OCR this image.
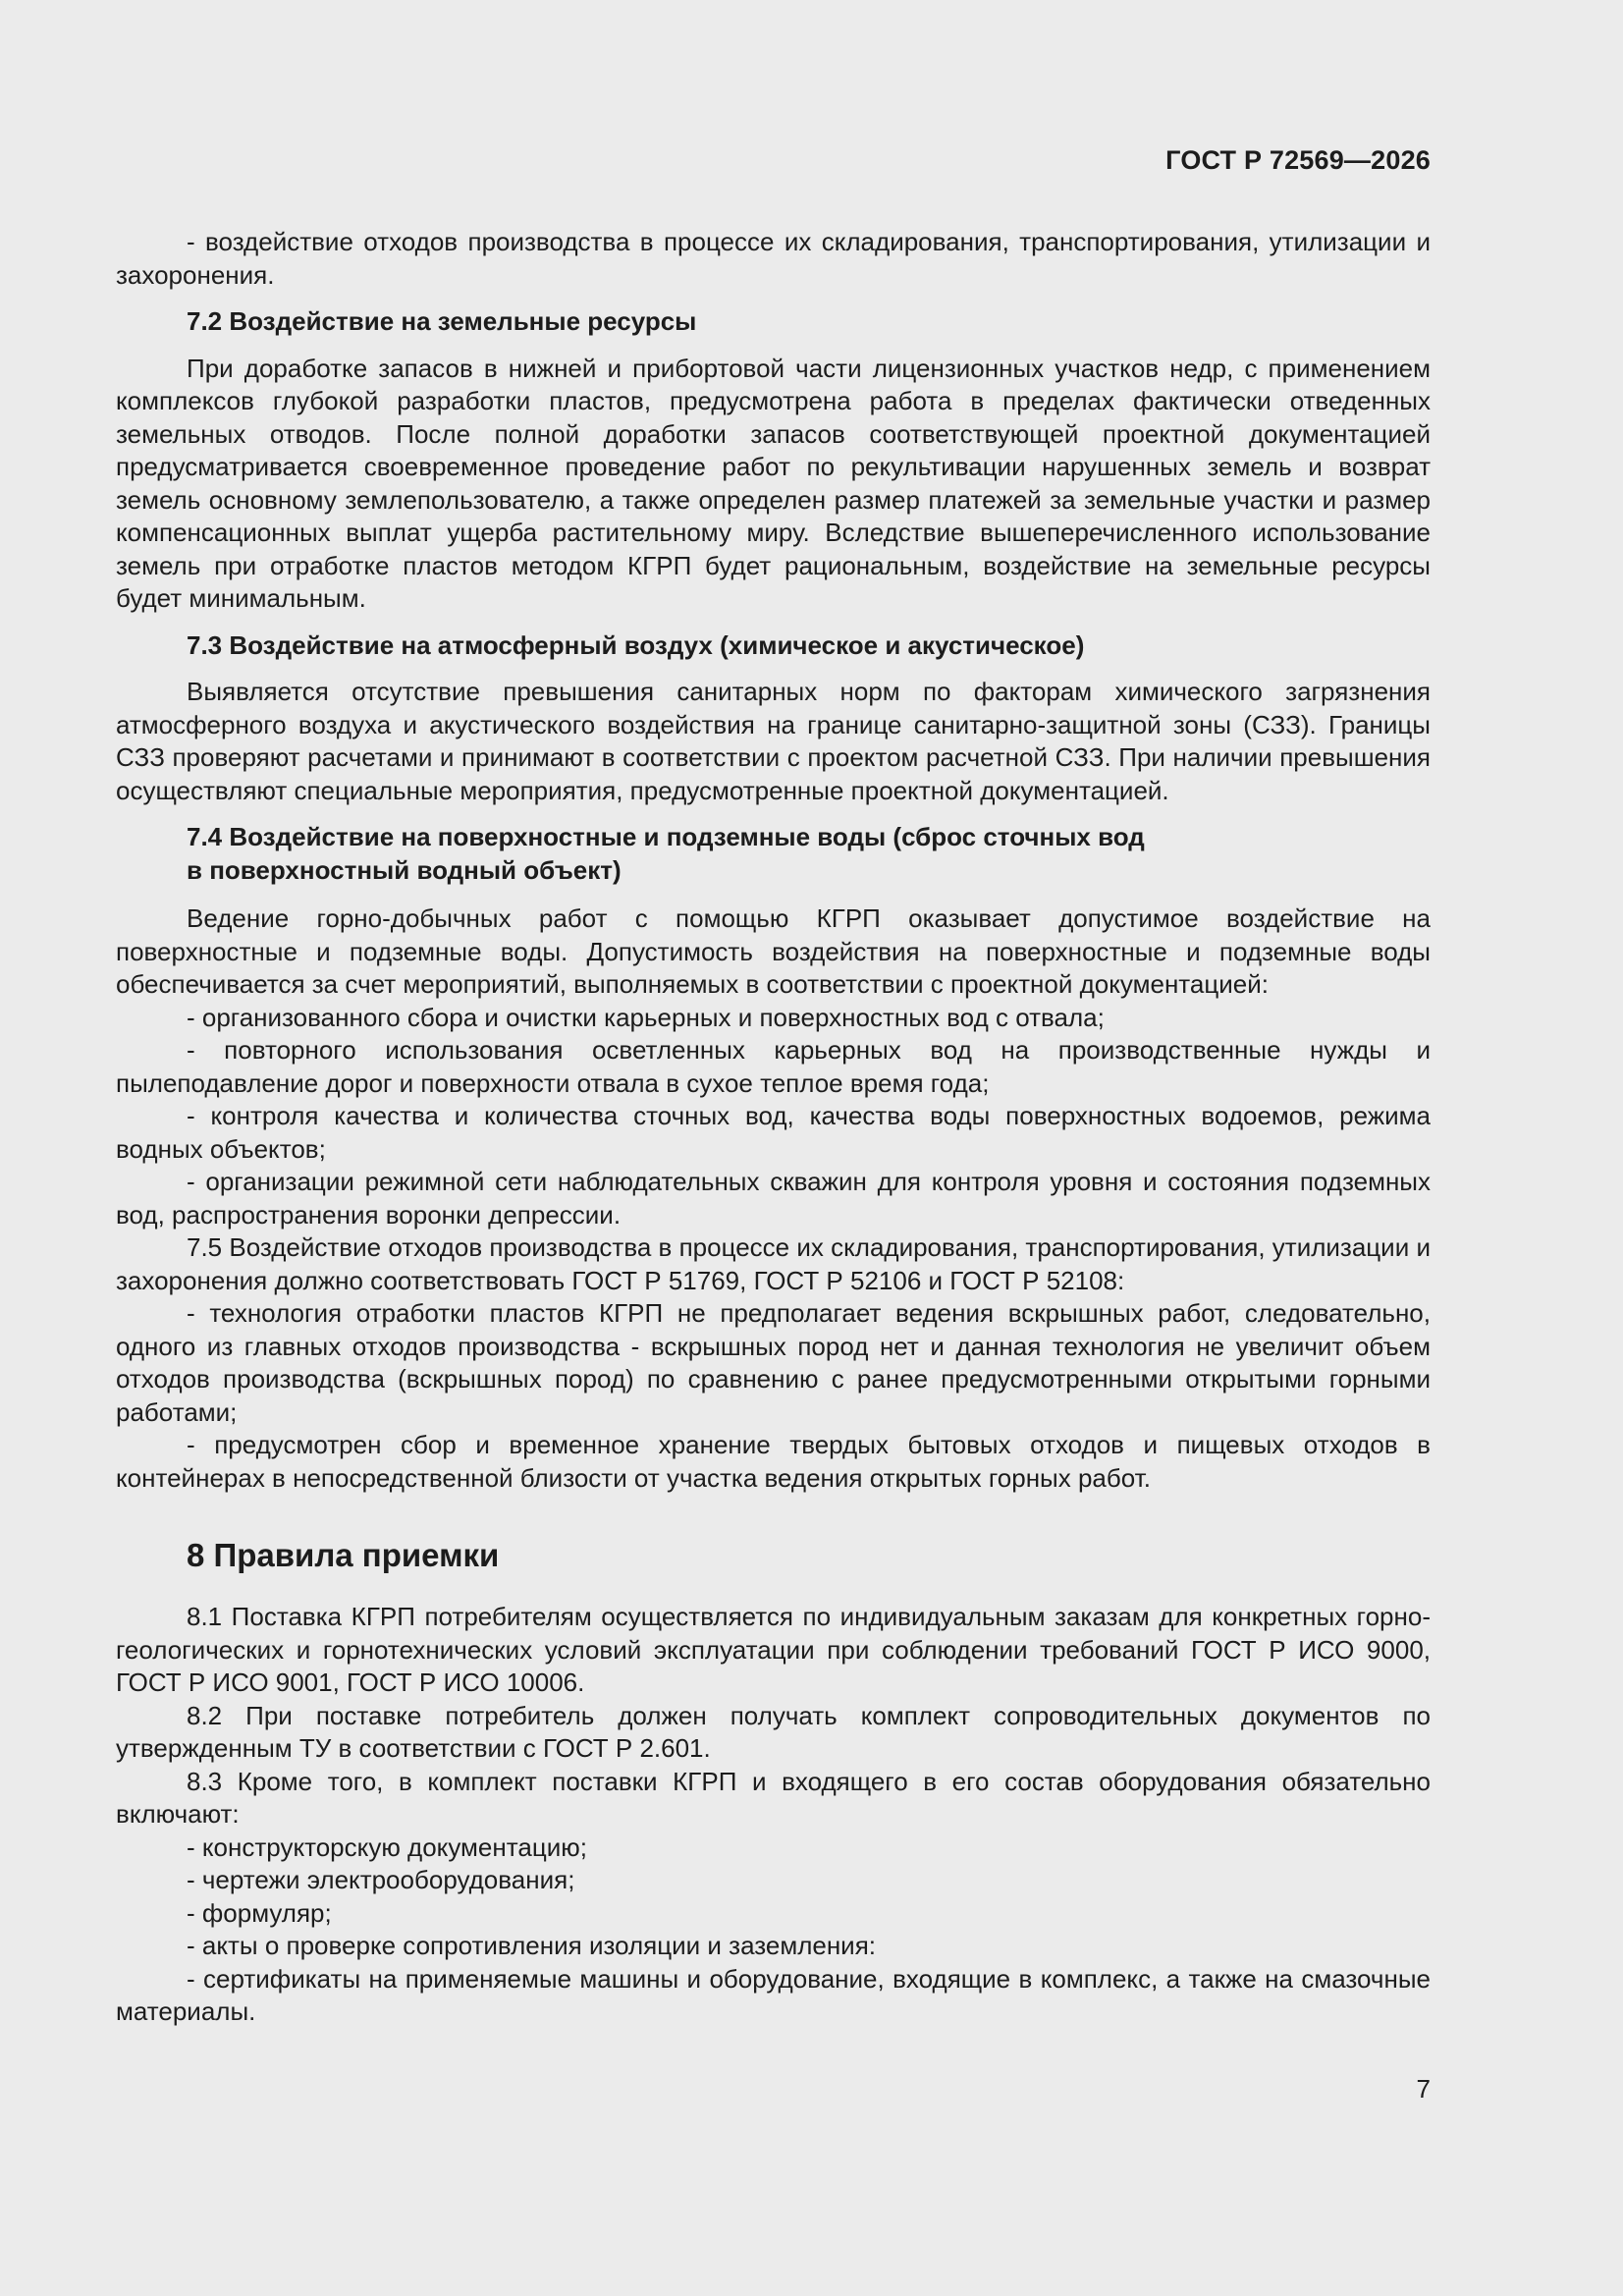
ГОСТ Р 72569—2026

- воздействие отходов производства в процессе их складирования, транспортирования, утилизации и захоронения.

7.2 Воздействие на земельные ресурсы

При доработке запасов в нижней и прибортовой части лицензионных участков недр, с применением комплексов глубокой разработки пластов, предусмотрена работа в пределах фактически отведенных земельных отводов. После полной доработки запасов соответствующей проектной документацией предусматривается своевременное проведение работ по рекультивации нарушенных земель и возврат земель основному землепользователю, а также определен размер платежей за земельные участки и размер компенсационных выплат ущерба растительному миру. Вследствие вышеперечисленного использование земель при отработке пластов методом КГРП будет рациональным, воздействие на земельные ресурсы будет минимальным.

7.3 Воздействие на атмосферный воздух (химическое и акустическое)

Выявляется отсутствие превышения санитарных норм по факторам химического загрязнения атмосферного воздуха и акустического воздействия на границе санитарно-защитной зоны (СЗЗ). Границы СЗЗ проверяют расчетами и принимают в соответствии с проектом расчетной СЗЗ. При наличии превышения осуществляют специальные мероприятия, предусмотренные проектной документацией.

7.4 Воздействие на поверхностные и подземные воды (сброс сточных вод
в поверхностный водный объект)

Ведение горно-добычных работ с помощью КГРП оказывает допустимое воздействие на поверхностные и подземные воды. Допустимость воздействия на поверхностные и подземные воды обеспечивается за счет мероприятий, выполняемых в соответствии с проектной документацией:

- организованного сбора и очистки карьерных и поверхностных вод с отвала;

- повторного использования осветленных карьерных вод на производственные нужды и пылеподавление дорог и поверхности отвала в сухое теплое время года;

- контроля качества и количества сточных вод, качества воды поверхностных водоемов, режима водных объектов;

- организации режимной сети наблюдательных скважин для контроля уровня и состояния подземных вод, распространения воронки депрессии.

7.5 Воздействие отходов производства в процессе их складирования, транспортирования, утилизации и захоронения должно соответствовать ГОСТ Р 51769, ГОСТ Р 52106 и ГОСТ Р 52108:

- технология отработки пластов КГРП не предполагает ведения вскрышных работ, следовательно, одного из главных отходов производства - вскрышных пород нет и данная технология не увеличит объем отходов производства (вскрышных пород) по сравнению с ранее предусмотренными открытыми горными работами;

- предусмотрен сбор и временное хранение твердых бытовых отходов и пищевых отходов в контейнерах в непосредственной близости от участка ведения открытых горных работ.

8 Правила приемки

8.1 Поставка КГРП потребителям осуществляется по индивидуальным заказам для конкретных горно-геологических и горнотехнических условий эксплуатации при соблюдении требований ГОСТ Р ИСО 9000, ГОСТ Р ИСО 9001, ГОСТ Р ИСО 10006.

8.2 При поставке потребитель должен получать комплект сопроводительных документов по утвержденным ТУ в соответствии с ГОСТ Р 2.601.

8.3 Кроме того, в комплект поставки КГРП и входящего в его состав оборудования обязательно включают:

- конструкторскую документацию;

- чертежи электрооборудования;

- формуляр;

- акты о проверке сопротивления изоляции и заземления:

- сертификаты на применяемые машины и оборудование, входящие в комплекс, а также на смазочные материалы.

7
